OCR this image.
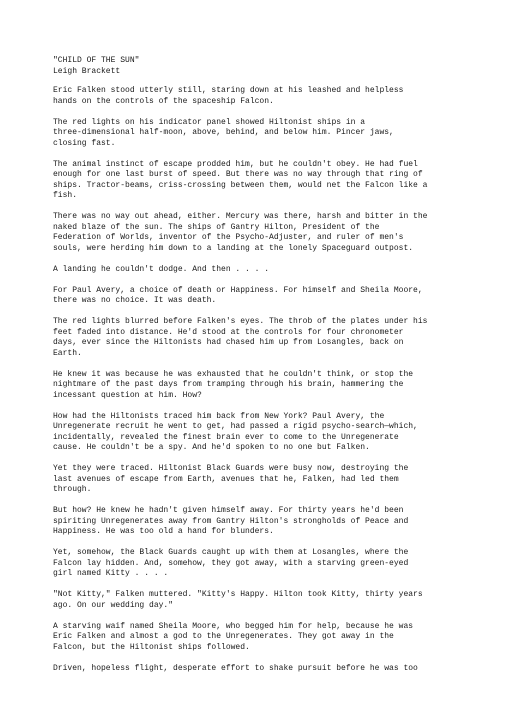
"CHILD OF THE SUN"
Leigh Brackett
Eric Falken stood utterly still, staring down at his leashed and helpless
hands on the controls of the spaceship Falcon.
The red lights on his indicator panel showed Hiltonist ships in a
three-dimensional half-moon, above, behind, and below him. Pincer jaws,
closing fast.
The animal instinct of escape prodded him, but he couldn't obey. He had fuel
enough for one last burst of speed. But there was no way through that ring of
ships. Tractor-beams, criss-crossing between them, would net the Falcon like a
fish.
There was no way out ahead, either. Mercury was there, harsh and bitter in the
naked blaze of the sun. The ships of Gantry Hilton, President of the
Federation of Worlds, inventor of the Psycho-Adjuster, and ruler of men's
souls, were herding him down to a landing at the lonely Spaceguard outpost.
A landing he couldn't dodge. And then . . . .
For Paul Avery, a choice of death or Happiness. For himself and Sheila Moore,
there was no choice. It was death.
The red lights blurred before Falken's eyes. The throb of the plates under his
feet faded into distance. He'd stood at the controls for four chronometer
days, ever since the Hiltonists had chased him up from Losangles, back on
Earth.
He knew it was because he was exhausted that he couldn't think, or stop the
nightmare of the past days from tramping through his brain, hammering the
incessant question at him. How?
How had the Hiltonists traced him back from New York? Paul Avery, the
Unregenerate recruit he went to get, had passed a rigid psycho-search—which,
incidentally, revealed the finest brain ever to come to the Unregenerate
cause. He couldn't be a spy. And he'd spoken to no one but Falken.
Yet they were traced. Hiltonist Black Guards were busy now, destroying the
last avenues of escape from Earth, avenues that he, Falken, had led them
through.
But how? He knew he hadn't given himself away. For thirty years he'd been
spiriting Unregenerates away from Gantry Hilton's strongholds of Peace and
Happiness. He was too old a hand for blunders.
Yet, somehow, the Black Guards caught up with them at Losangles, where the
Falcon lay hidden. And, somehow, they got away, with a starving green-eyed
girl named Kitty . . . .
"Not Kitty," Falken muttered. "Kitty's Happy. Hilton took Kitty, thirty years
ago. On our wedding day."
A starving waif named Sheila Moore, who begged him for help, because he was
Eric Falken and almost a god to the Unregenerates. They got away in the
Falcon, but the Hiltonist ships followed.
Driven, hopeless flight, desperate effort to shake pursuit before he was too
